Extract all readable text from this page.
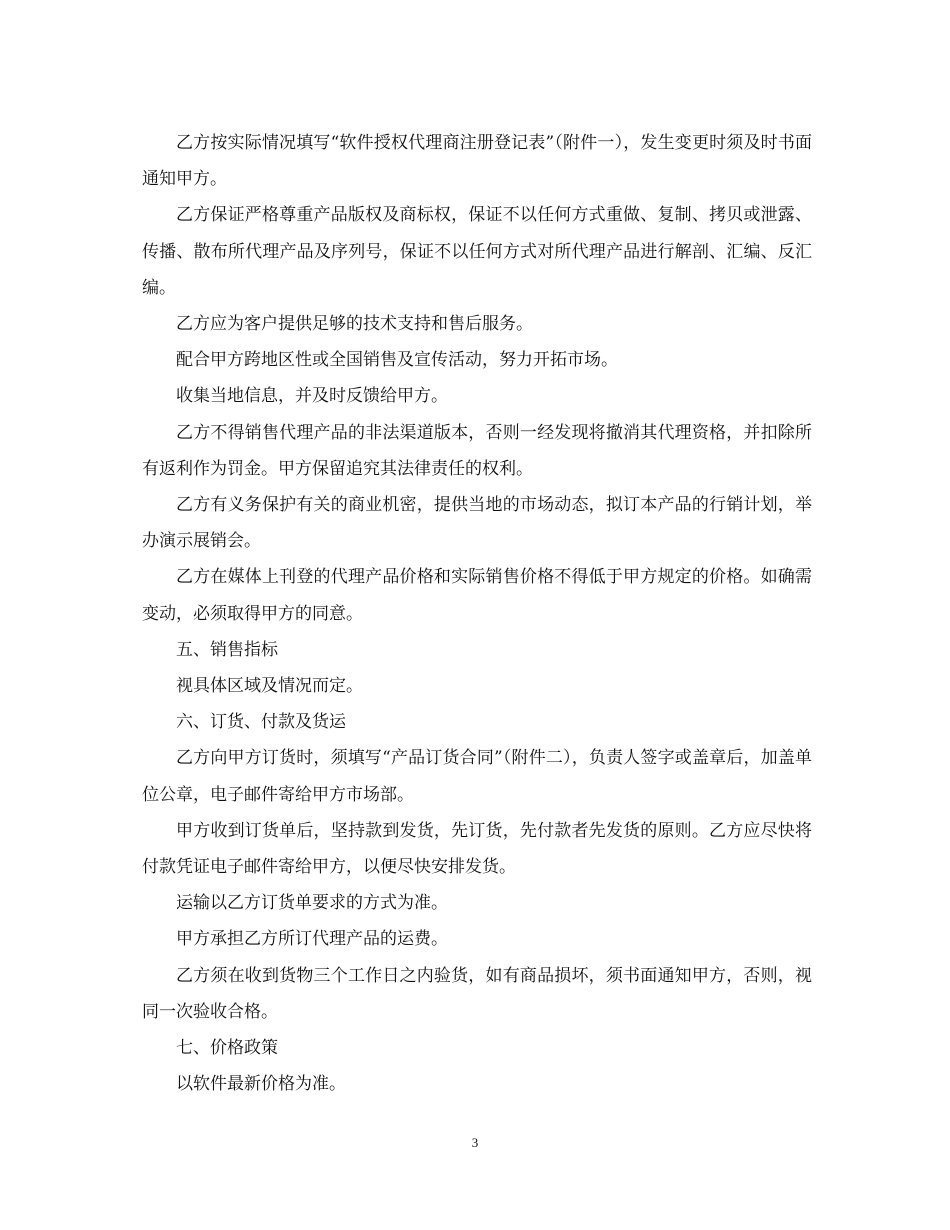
乙方按实际情况填写“软件授权代理商注册登记表”（附件一），发生变更时须及时书面通知甲方。

乙方保证严格尊重产品版权及商标权，保证不以任何方式重做、复制、拷贝或泄露、传播、散布所代理产品及序列号，保证不以任何方式对所代理产品进行解剖、汇编、反汇编。

乙方应为客户提供足够的技术支持和售后服务。

配合甲方跨地区性或全国销售及宣传活动，努力开拓市场。

收集当地信息，并及时反馈给甲方。

乙方不得销售代理产品的非法渠道版本，否则一经发现将撤消其代理资格，并扣除所有返利作为罚金。甲方保留追究其法律责任的权利。

乙方有义务保护有关的商业机密，提供当地的市场动态，拟订本产品的行销计划，举办演示展销会。

乙方在媒体上刊登的代理产品价格和实际销售价格不得低于甲方规定的价格。如确需变动，必须取得甲方的同意。

五、销售指标

视具体区域及情况而定。

六、订货、付款及货运

乙方向甲方订货时，须填写“产品订货合同”（附件二），负责人签字或盖章后，加盖单位公章，电子邮件寄给甲方市场部。

甲方收到订货单后，坚持款到发货，先订货，先付款者先发货的原则。乙方应尽快将付款凭证电子邮件寄给甲方，以便尽快安排发货。

运输以乙方订货单要求的方式为准。

甲方承担乙方所订代理产品的运费。

乙方须在收到货物三个工作日之内验货，如有商品损坏，须书面通知甲方，否则，视同一次验收合格。

七、价格政策

以软件最新价格为准。

3
